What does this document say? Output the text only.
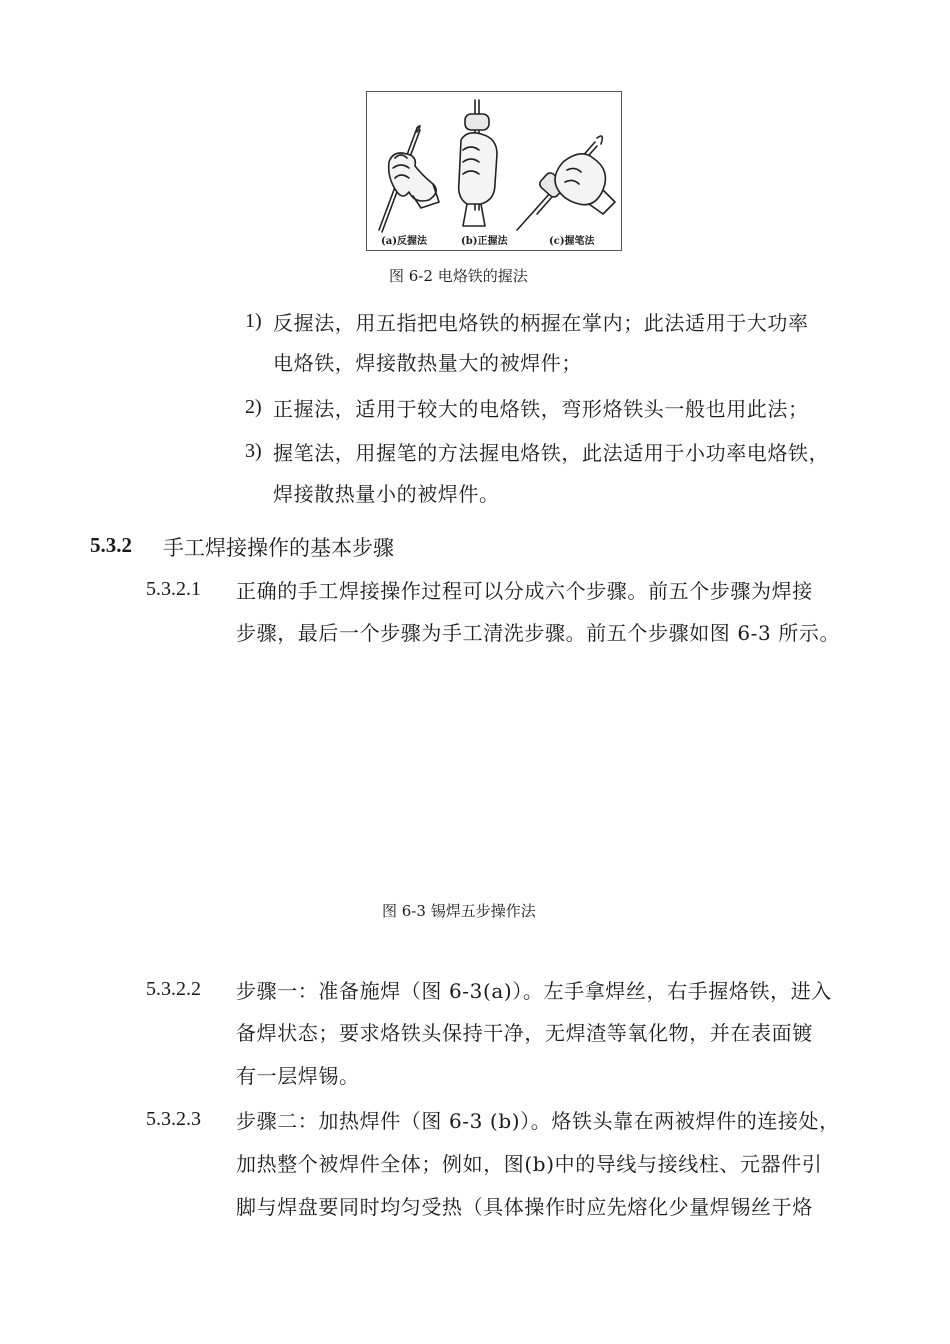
(a)反握法	(b)正握法	(c)握笔法
图 6-2 电烙铁的握法
1) 反握法，用五指把电烙铁的柄握在掌内；此法适用于大功率
电烙铁，焊接散热量大的被焊件；
2) 正握法，适用于较大的电烙铁，弯形烙铁头一般也用此法；
3) 握笔法，用握笔的方法握电烙铁，此法适用于小功率电烙铁，
焊接散热量小的被焊件。
5.3.2 手工焊接操作的基本步骤
5.3.2.1 正确的手工焊接操作过程可以分成六个步骤。前五个步骤为焊接
步骤，最后一个步骤为手工清洗步骤。前五个步骤如图 6-3 所示。
图 6-3 锡焊五步操作法
5.3.2.2 步骤一：准备施焊（图 6-3(a)）。左手拿焊丝，右手握烙铁，进入
备焊状态；要求烙铁头保持干净，无焊渣等氧化物，并在表面镀
有一层焊锡。
5.3.2.3 步骤二：加热焊件（图 6-3 (b)）。烙铁头靠在两被焊件的连接处，
加热整个被焊件全体；例如，图(b)中的导线与接线柱、元器件引
脚与焊盘要同时均匀受热（具体操作时应先熔化少量焊锡丝于烙
